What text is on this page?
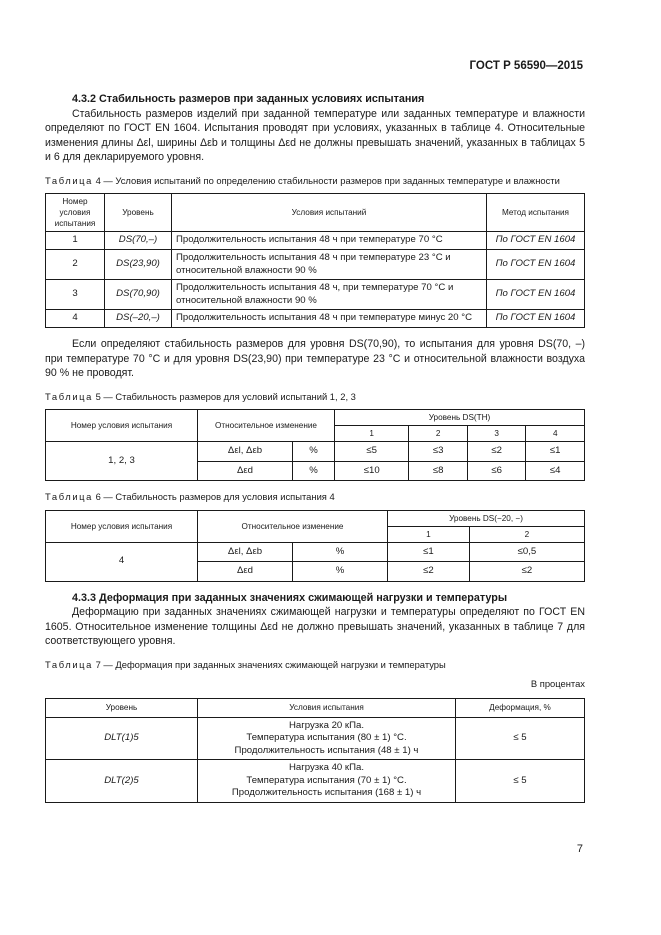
ГОСТ Р 56590—2015
4.3.2 Стабильность размеров при заданных условиях испытания

Стабильность размеров изделий при заданной температуре или заданных температуре и влажности определяют по ГОСТ EN 1604. Испытания проводят при условиях, указанных в таблице 4. Относительные изменения длины Δεl, ширины Δεb и толщины Δεd не должны превышать значений, указанных в таблицах 5 и 6 для декларируемого уровня.

Таблица 4 — Условия испытаний по определению стабильности размеров при заданных температуре и влажности
Номер условия испытания	Уровень	Условия испытаний	Метод испытания
1	DS(70,–)	Продолжительность испытания 48 ч при температуре 70 °С	По ГОСТ EN 1604
2	DS(23,90)	Продолжительность испытания 48 ч при температуре 23 °С и относительной влажности 90 %	По ГОСТ EN 1604
3	DS(70,90)	Продолжительность испытания 48 ч, при температуре 70 °С и относительной влажности 90 %	По ГОСТ EN 1604
4	DS(–20,–)	Продолжительность испытания 48 ч при температуре минус 20 °С	По ГОСТ EN 1604

Если определяют стабильность размеров для уровня DS(70,90), то испытания для уровня DS(70, –) при температуре 70 °С и для уровня DS(23,90) при температуре 23 °С и относительной влажности воздуха 90 % не проводят.

Таблица 5 — Стабильность размеров для условий испытаний 1, 2, 3
Номер условия испытания	Относительное изменение		Уровень DS(TH)			
			1	2	3	4
1, 2, 3	Δεl, Δεb	%	≤5	≤3	≤2	≤1
	Δεd	%	≤10	≤8	≤6	≤4
Таблица 6 — Стабильность размеров для условия испытания 4
Номер условия испытания	Относительное изменение		Уровень DS(−20, −)	
			1	2
4	Δεl, Δεb	%	≤1	≤0,5
	Δεd	%	≤2	≤2
4.3.3 Деформация при заданных значениях сжимающей нагрузки и температуры

Деформацию при заданных значениях сжимающей нагрузки и температуры определяют по ГОСТ EN 1605. Относительное изменение толщины Δεd не должно превышать значений, указанных в таблице 7 для соответствующего уровня.

Таблица 7 — Деформация при заданных значениях сжимающей нагрузки и температуры
В процентах
Уровень	Условия испытания	Деформация, %
DLT(1)5	Нагрузка 20 кПа.
Температура испытания (80 ± 1) °С.
Продолжительность испытания (48 ± 1) ч	≤ 5
DLT(2)5	Нагрузка 40 кПа.
Температура испытания (70 ± 1) °С.
Продолжительность испытания (168 ± 1) ч	≤ 5
7
